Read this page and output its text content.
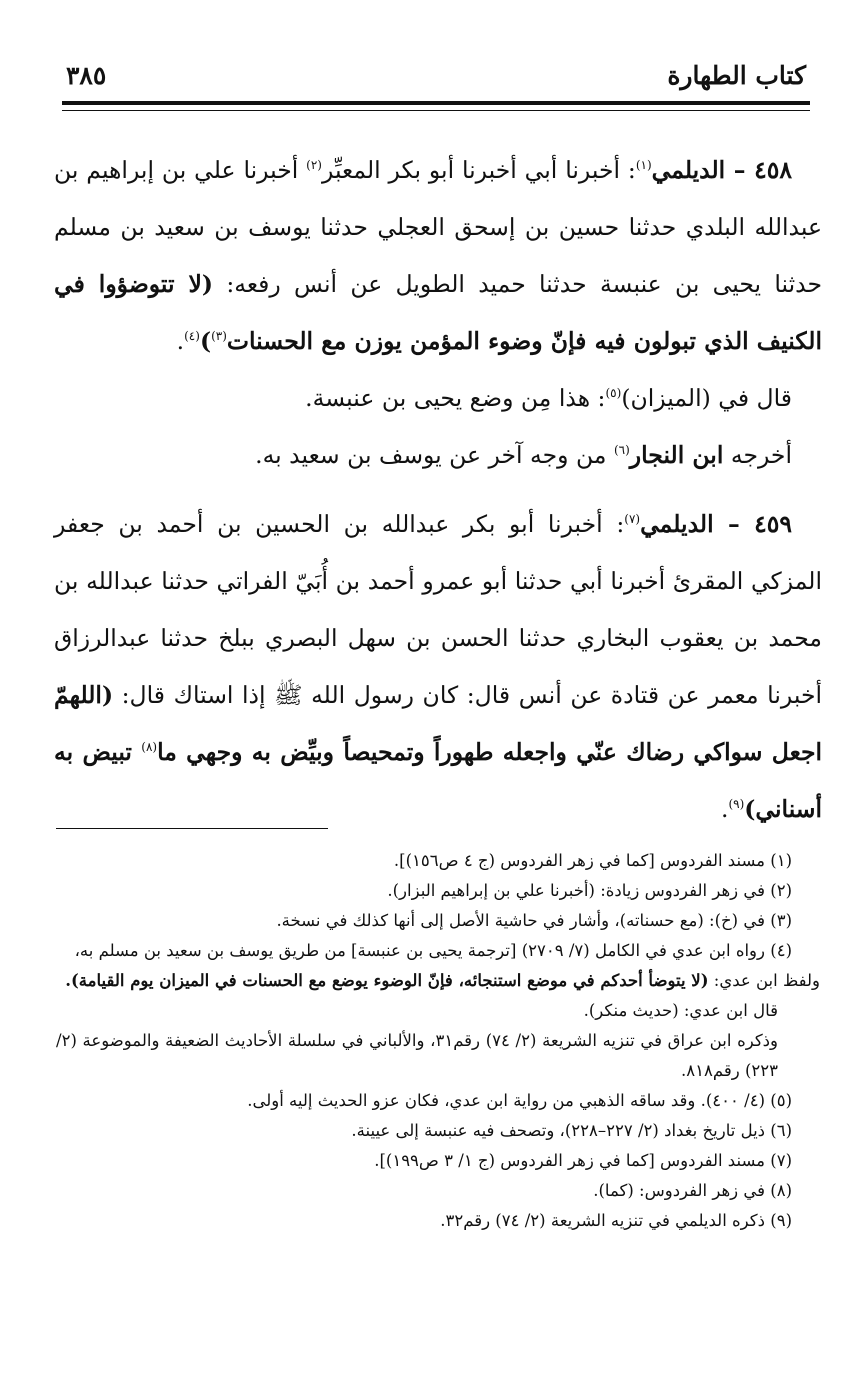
كتاب الطهارة
٣٨٥

٤٥٨ – الديلمي$^{(١)}$: أخبرنا أبي أخبرنا أبو بكر المعبِّر$^{(٢)}$ أخبرنا علي بن إبراهيم بن عبدالله البلدي حدثنا حسين بن إسحق العجلي حدثنا يوسف بن سعيد بن مسلم حدثنا يحيى بن عنبسة حدثنا حميد الطويل عن أنس رفعه: (لا تتوضؤوا في الكنيف الذي تبولون فيه فإنّ وضوء المؤمن يوزن مع الحسنات$^{(٣)}$)$^{(٤)}$.

قال في (الميزان)$^{(٥)}$: هذا مِن وضع يحيى بن عنبسة.

أخرجه ابن النجار$^{(٦)}$ من وجه آخر عن يوسف بن سعيد به.

٤٥٩ – الديلمي$^{(٧)}$: أخبرنا أبو بكر عبدالله بن الحسين بن أحمد بن جعفر المزكي المقرئ أخبرنا أبي حدثنا أبو عمرو أحمد بن أُبَيّ الفراتي حدثنا عبدالله بن محمد بن يعقوب البخاري حدثنا الحسن بن سهل البصري ببلخ حدثنا عبدالرزاق أخبرنا معمر عن قتادة عن أنس قال: كان رسول الله ﷺ إذا استاك قال: (اللهمّ اجعل سواكي رضاك عنّي واجعله طهوراً وتمحيصاً وبيِّض به وجهي ما$^{(٨)}$ تبيض به أسناني)$^{(٩)}$.

(١) مسند الفردوس [كما في زهر الفردوس (ج ٤ ص١٥٦)].

(٢) في زهر الفردوس زيادة: (أخبرنا علي بن إبراهيم البزار).

(٣) في (خ): (مع حسناته)، وأشار في حاشية الأصل إلى أنها كذلك في نسخة.

(٤) رواه ابن عدي في الكامل (٧/ ٢٧٠٩) [ترجمة يحيى بن عنبسة] من طريق يوسف بن سعيد بن مسلم به،

ولفظ ابن عدي: (لا يتوضأ أحدكم في موضع استنجائه، فإنّ الوضوء يوضع مع الحسنات في الميزان يوم القيامة).

قال ابن عدي: (حديث منكر).

وذكره ابن عراق في تنزيه الشريعة (٢/ ٧٤) رقم٣١، والألباني في سلسلة الأحاديث الضعيفة والموضوعة (٢/ ٢٢٣) رقم٨١٨.

(٥) (٤/ ٤٠٠). وقد ساقه الذهبي من رواية ابن عدي، فكان عزو الحديث إليه أولى.

(٦) ذيل تاريخ بغداد (٢/ ٢٢٧–٢٢٨)، وتصحف فيه عنبسة إلى عيينة.

(٧) مسند الفردوس [كما في زهر الفردوس (ج ١/ ٣ ص١٩٩)].

(٨) في زهر الفردوس: (كما).

(٩) ذكره الديلمي في تنزيه الشريعة (٢/ ٧٤) رقم٣٢.
